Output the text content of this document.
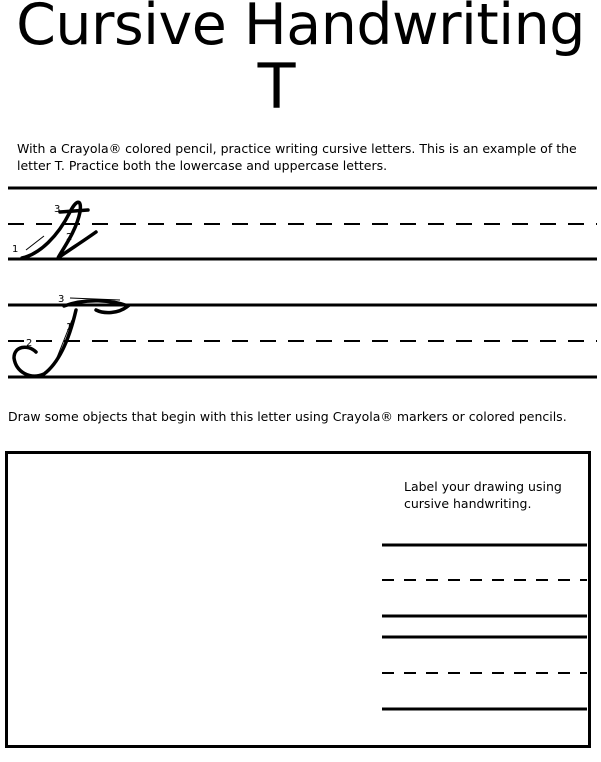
Cursive Handwriting
T
With a Crayola® colored pencil, practice writing cursive letters. This is an example of the letter T. Practice both the lowercase and uppercase letters.
1
2
3
1
2
3
Draw some objects that begin with this letter using Crayola® markers or colored pencils.
Label your drawing using cursive handwriting.
